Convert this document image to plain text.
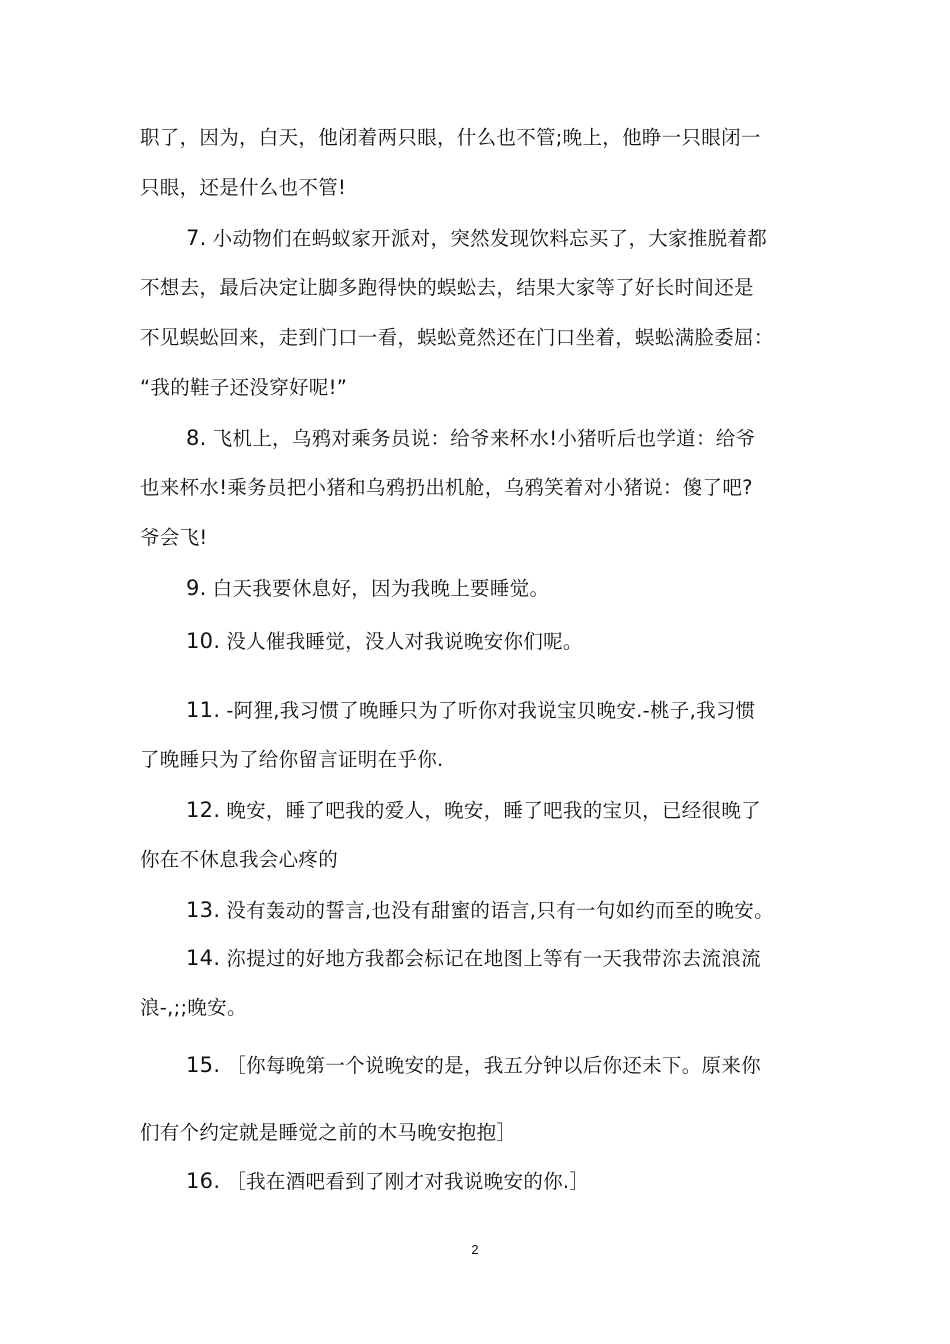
职了，因为，白天，他闭着两只眼，什么也不管;晚上，他睁一只眼闭一
只眼，还是什么也不管!
7. 小动物们在蚂蚁家开派对，突然发现饮料忘买了，大家推脱着都
不想去，最后决定让脚多跑得快的蜈蚣去，结果大家等了好长时间还是
不见蜈蚣回来，走到门口一看，蜈蚣竟然还在门口坐着，蜈蚣满脸委屈：
“我的鞋子还没穿好呢!”
8. 飞机上，乌鸦对乘务员说：给爷来杯水!小猪听后也学道：给爷
也来杯水!乘务员把小猪和乌鸦扔出机舱，乌鸦笑着对小猪说：傻了吧?
爷会飞!
9. 白天我要休息好，因为我晚上要睡觉。
10. 没人催我睡觉，没人对我说晚安你们呢。
11. -阿狸,我习惯了晚睡只为了听你对我说宝贝晚安.-桃子,我习惯
了晚睡只为了给你留言证明在乎你.
12. 晚安，睡了吧我的爱人，晚安，睡了吧我的宝贝，已经很晚了
你在不休息我会心疼的
13. 没有轰动的誓言,也没有甜蜜的语言,只有一句如约而至的晚安。
14. 沵提过的好地方我都会标记在地图上等有一天我带沵去流浪流
浪-,;;晚安。
15. ［你每晚第一个说晚安的是，我五分钟以后你还未下。原来你
们有个约定就是睡觉之前的木马晚安抱抱］
16. ［我在酒吧看到了刚才对我说晚安的你.］
2
